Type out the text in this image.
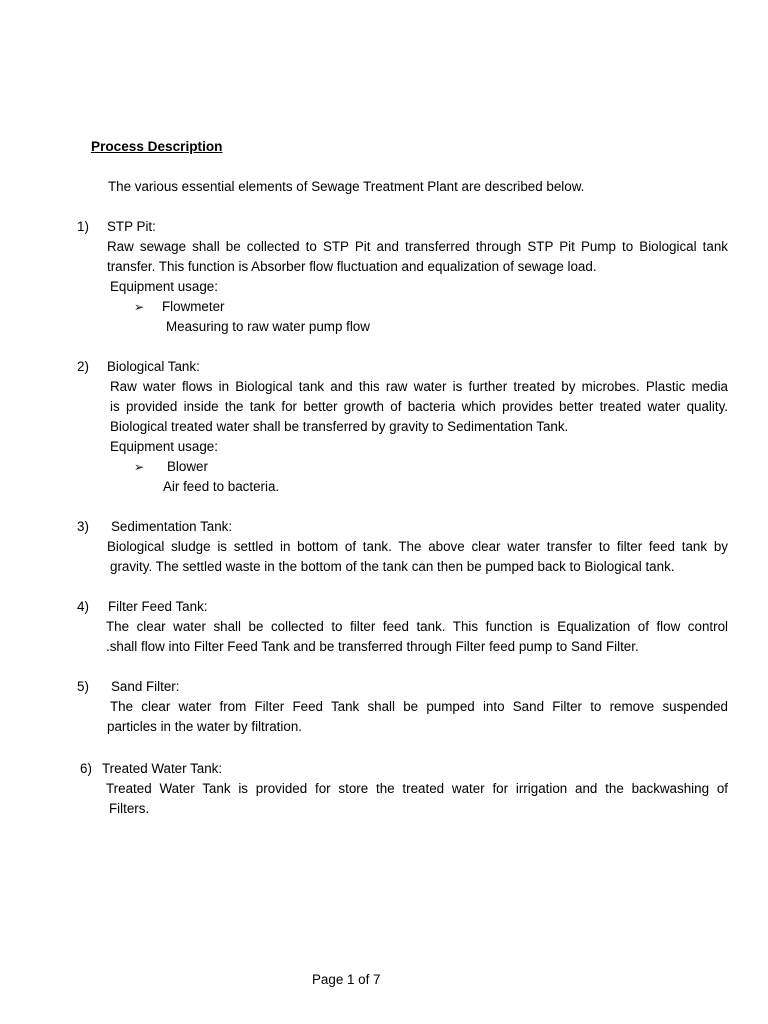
Process Description
The various essential elements of Sewage Treatment Plant are described below.
1) STP Pit:
Raw sewage shall be collected to STP Pit and transferred through STP Pit Pump to Biological tank
transfer. This function is Absorber flow fluctuation and equalization of sewage load.
Equipment usage:
➢ Flowmeter
Measuring to raw water pump flow
2) Biological Tank:
Raw water flows in Biological tank and this raw water is further treated by microbes. Plastic media
is provided inside the tank for better growth of bacteria which provides better treated water quality.
Biological treated water shall be transferred by gravity to Sedimentation Tank.
Equipment usage:
➢ Blower
Air feed to bacteria.
3) Sedimentation Tank:
Biological sludge is settled in bottom of tank. The above clear water transfer to filter feed tank by
gravity. The settled waste in the bottom of the tank can then be pumped back to Biological tank.
4) Filter Feed Tank:
The clear water shall be collected to filter feed tank. This function is Equalization of flow control
.shall flow into Filter Feed Tank and be transferred through Filter feed pump to Sand Filter.
5) Sand Filter:
The clear water from Filter Feed Tank shall be pumped into Sand Filter to remove suspended
particles in the water by filtration.
6) Treated Water Tank:
Treated Water Tank is provided for store the treated water for irrigation and the backwashing of
Filters.
Page 1 of 7
